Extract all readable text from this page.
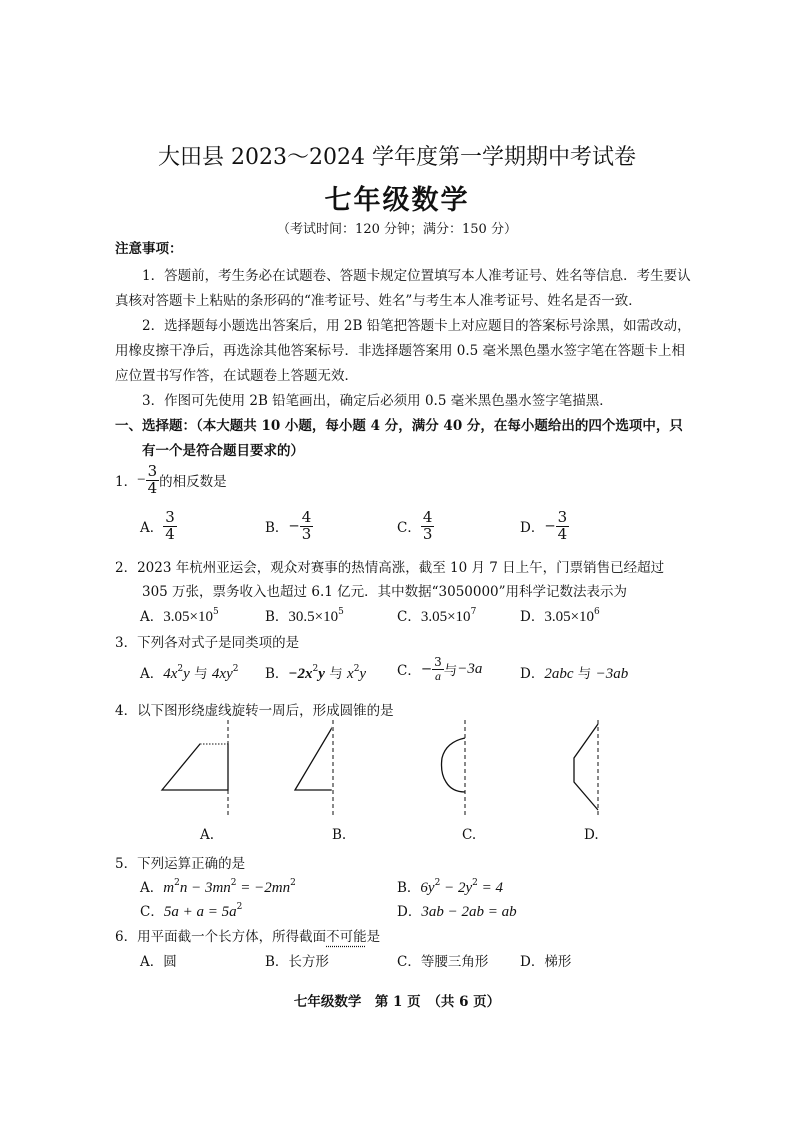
大田县 2023～2024 学年度第一学期期中考试卷
七年级数学
（考试时间：120 分钟；满分：150 分）
注意事项：
1．答题前，考生务必在试题卷、答题卡规定位置填写本人准考证号、姓名等信息．考生要认
真核对答题卡上粘贴的条形码的“准考证号、姓名”与考生本人准考证号、姓名是否一致．
2．选择题每小题选出答案后，用 2B 铅笔把答题卡上对应题目的答案标号涂黑，如需改动，
用橡皮擦干净后，再选涂其他答案标号．非选择题答案用 0.5 毫米黑色墨水签字笔在答题卡上相
应位置书写作答，在试题卷上答题无效．
3．作图可先使用 2B 铅笔画出，确定后必须用 0.5 毫米黑色墨水签字笔描黑．
一、选择题：（本大题共 10 小题，每小题 4 分，满分 40 分，在每小题给出的四个选项中，只
有一个是符合题目要求的）
1． − $\frac{3}{4}$ 的相反数是
A． $\frac{3}{4}$	B． − $\frac{4}{3}$	C． $\frac{4}{3}$	D． − $\frac{3}{4}$
2．2023 年杭州亚运会，观众对赛事的热情高涨，截至 10 月 7 日上午，门票销售已经超过
305 万张，票务收入也超过 6.1 亿元．其中数据“3050000”用科学记数法表示为
A．$3.05\times 10^5$	B．$30.5\times 10^5$	C．$3.05\times 10^7$	D．$3.05\times 10^6$
3．下列各对式子是同类项的是
A．$4x^2y$ 与 $4xy^2$ B．$-2x^2y$ 与 $x^2y$ C． − $\frac{3}{a}$ 与 −3a	D．2abc 与 −3ab
4．以下图形绕虚线旋转一周后，形成圆锥的是
A.	B.	C.	D.
5．下列运算正确的是
A．$m^2n - 3mn^2 = -2mn^2$	B．$6y^2 - 2y^2 = 4$
C．$5a + a = 5a^2$	D．3ab − 2ab = ab
6．用平面截一个长方体，所得截面不可能是
A．圆	B．长方形	C．等腰三角形 D．梯形
七年级数学　第 1 页　（共 6 页）
